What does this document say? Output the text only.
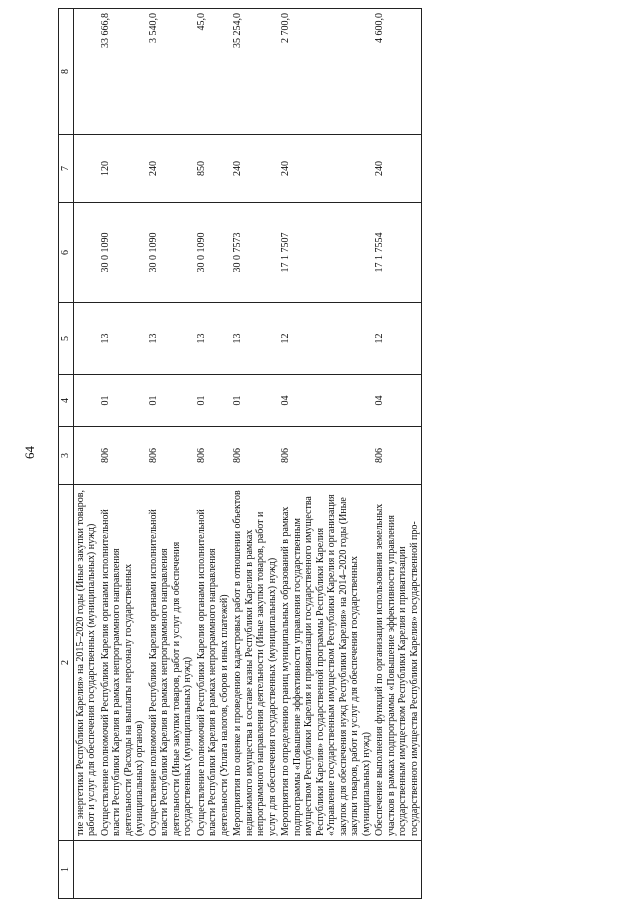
64
1	2	3	4	5	6	7	8
	тие энергетики Республики Карелия» на 2015–2020 годы (Иные закупки товаров, работ и услуг для обеспечения государственных (муниципальных) нужд)						
	Осуществление полномочий Республики Карелия органами исполнительной власти Республики Карелия в рамках непрограммного направления деятельности (Расходы на выплаты персоналу государственных (муниципальных) органов)	806	01	13	30 0 1090	120	33 666,8
	Осуществление полномочий Республики Карелия органами исполнительной власти Республики Карелия в рамках непрограммного направления деятельности (Иные закупки товаров, работ и услуг для обеспечения государственных (муниципальных) нужд)	806	01	13	30 0 1090	240	3 540,0
	Осуществление полномочий Республики Карелия органами исполнительной власти Республики Карелия в рамках непрограммного направления деятельности (Уплата налогов, сборов и иных платежей)	806	01	13	30 0 1090	850	45,0
	Мероприятия по оценке и проведению кадастровых работ в отношении объектов недвижимого имущества в составе казны Республики Карелия в рамках непрограммного направления деятельности (Иные закупки товаров, работ и услуг для обеспечения государственных (муниципальных) нужд)	806	01	13	30 0 7573	240	35 254,0
	Мероприятия по определению границ муниципальных образований в рамках подпрограммы «Повышение эффективности управления государственным имуществом Республики Карелия и приватизации государственного имущества Республики Карелия» государственной программы Республики Карелия «Управление государственным имуществом Республики Карелия и организация закупок для обеспечения нужд Республики Карелия» на 2014–2020 годы (Иные закупки товаров, работ и услуг для обеспечения государственных (муниципальных) нужд)	806	04	12	17 1 7507	240	2 700,0
	Обеспечение выполнения функций по организации использования земельных участков в рамках подпрограммы «Повышение эффективности управления государственным имуществом Республики Карелия и приватизации государственного имущества Республики Карелия» государственной про-	806	04	12	17 1 7554	240	4 600,0
